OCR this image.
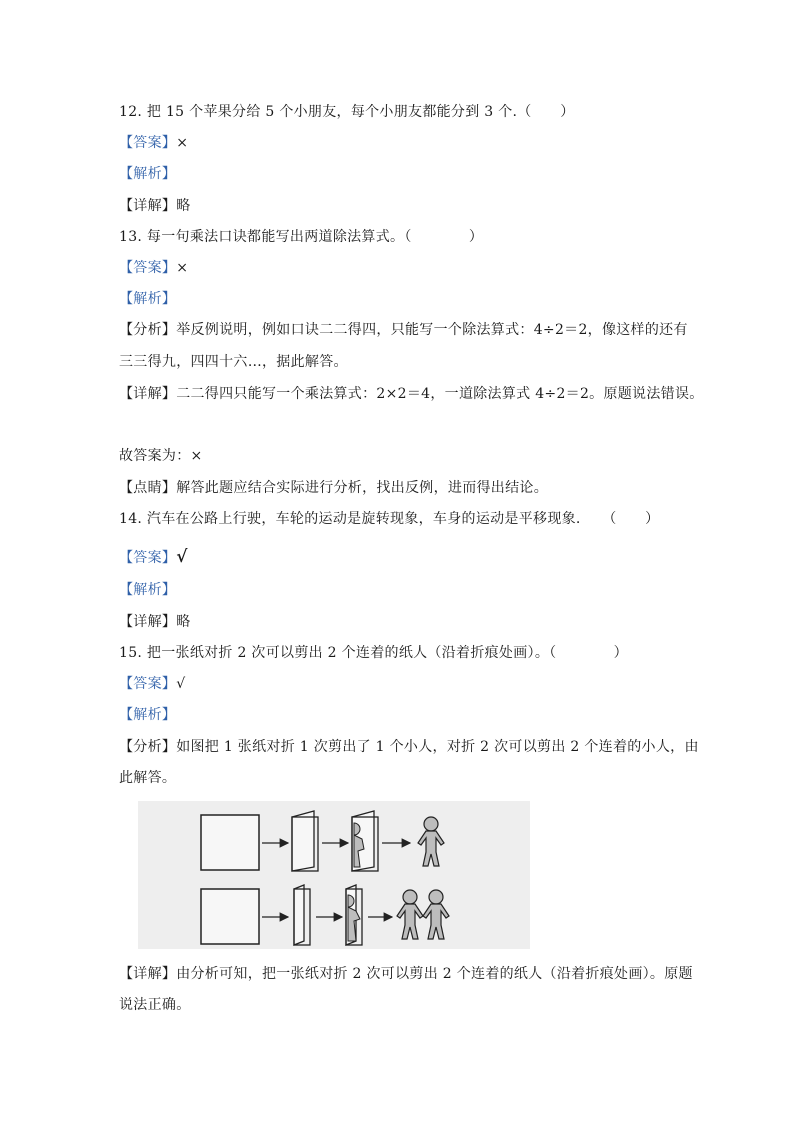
12. 把 15 个苹果分给 5 个小朋友，每个小朋友都能分到 3 个.（　　）
【答案】×
【解析】
【详解】略
13. 每一句乘法口诀都能写出两道除法算式。（　　　　）
【答案】×
【解析】
【分析】举反例说明，例如口诀二二得四，只能写一个除法算式：4÷2＝2，像这样的还有
三三得九，四四十六…，据此解答。
【详解】二二得四只能写一个乘法算式：2×2＝4，一道除法算式 4÷2＝2。原题说法错误。
故答案为：×
【点睛】解答此题应结合实际进行分析，找出反例，进而得出结论。
14. 汽车在公路上行驶，车轮的运动是旋转现象，车身的运动是平移现象.　　（　　）
【答案】√
【解析】
【详解】略
15. 把一张纸对折 2 次可以剪出 2 个连着的纸人（沿着折痕处画）。（　　　　）
【答案】√
【解析】
【分析】如图把 1 张纸对折 1 次剪出了 1 个小人，对折 2 次可以剪出 2 个连着的小人，由
此解答。
【详解】由分析可知，把一张纸对折 2 次可以剪出 2 个连着的纸人（沿着折痕处画）。原题
说法正确。
